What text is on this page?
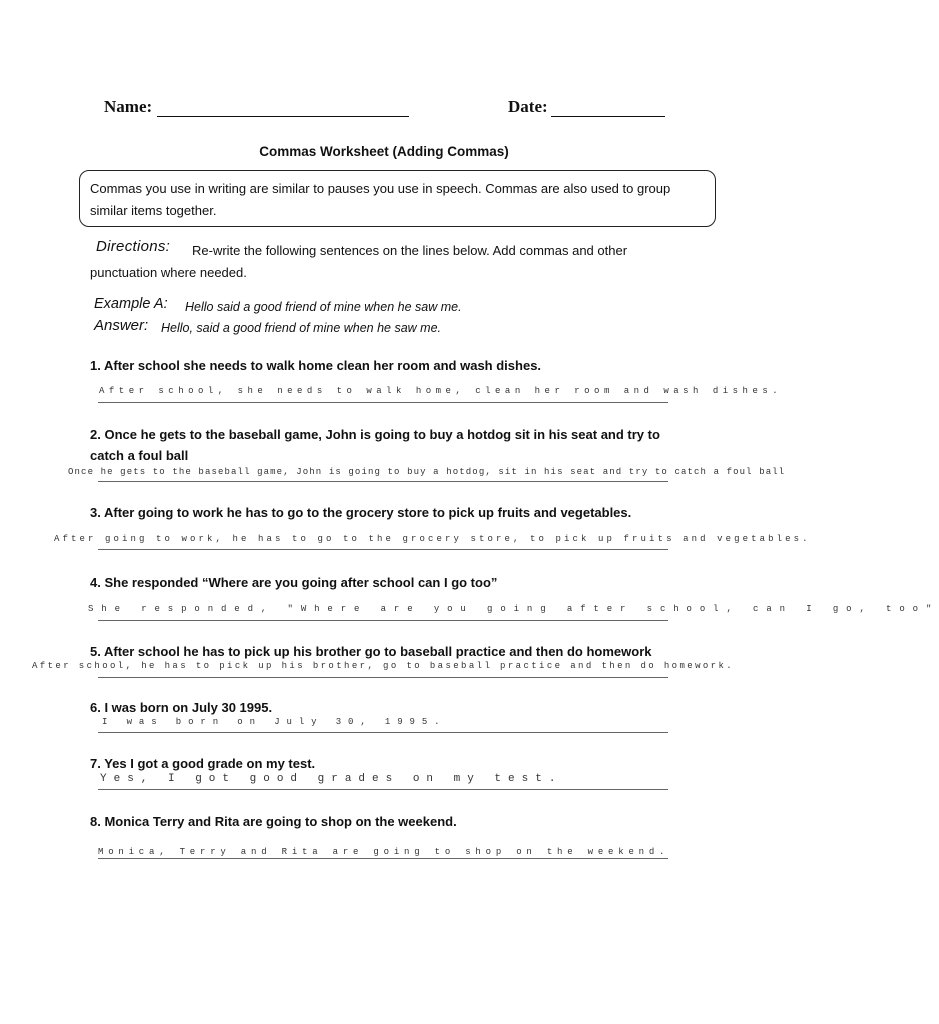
Name:	Date:
Commas Worksheet (Adding Commas)
Commas you use in writing are similar to pauses you use in speech. Commas are also used to group similar items together.
Directions: Re-write the following sentences on the lines below. Add commas and other
punctuation where needed.
Example A: Hello said a good friend of mine when he saw me.
Answer: Hello, said a good friend of mine when he saw me.
1. After school she needs to walk home clean her room and wash dishes.
After school, she needs to walk home, clean her room and wash dishes.
2. Once he gets to the baseball game, John is going to buy a hotdog sit in his seat and try to
catch a foul ball
Once he gets to the baseball game, John is going to buy a hotdog, sit in his seat and try to catch a foul ball
3. After going to work he has to go to the grocery store to pick up fruits and vegetables.
After going to work, he has to go to the grocery store, to pick up fruits and vegetables.
4. She responded “Where are you going after school can I go too”
She responded, "Where are you going after school, can I go, too"
5. After school he has to pick up his brother go to baseball practice and then do homework
After school, he has to pick up his brother, go to baseball practice and then do homework.
6. I was born on July 30 1995.
I was born on July 30, 1995.
7. Yes I got a good grade on my test.
Yes, I got good grades on my test.
8. Monica Terry and Rita are going to shop on the weekend.
Monica, Terry and Rita are going to shop on the weekend.
